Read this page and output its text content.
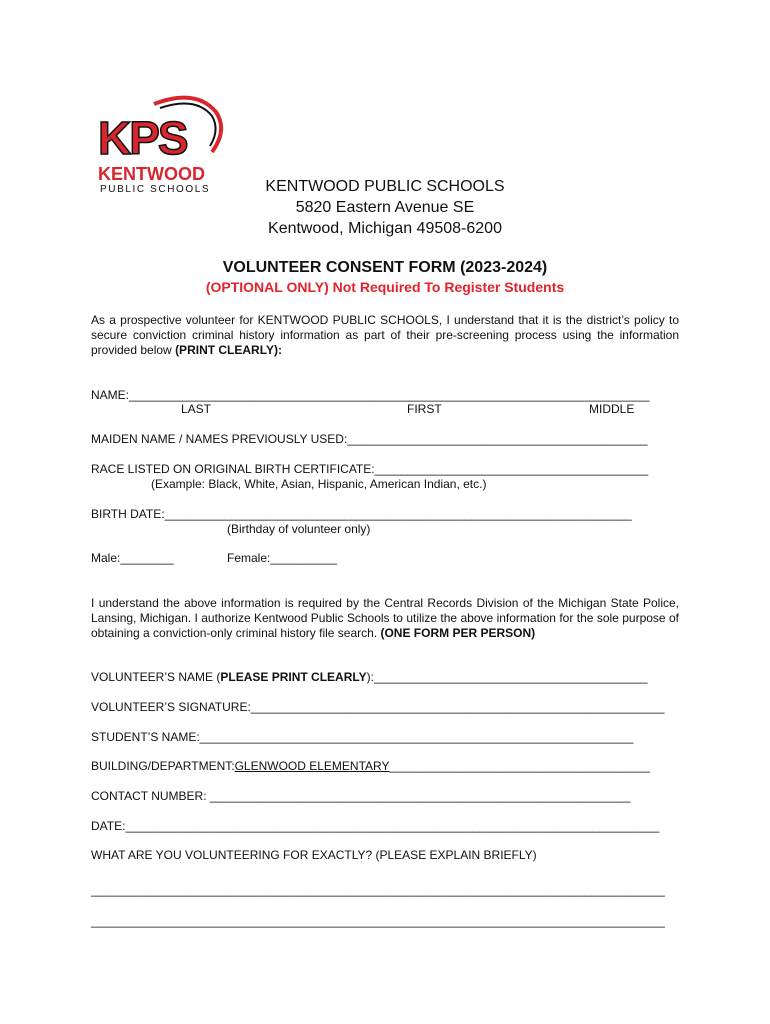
KPS
KENTWOOD
PUBLIC SCHOOLS	KENTWOOD PUBLIC SCHOOLS
5820 Eastern Avenue SE
Kentwood, Michigan 49508-6200
VOLUNTEER CONSENT FORM (2023-2024)
(OPTIONAL ONLY) Not Required To Register Students
As a prospective volunteer for KENTWOOD PUBLIC SCHOOLS, I understand that it is the district’s policy to secure conviction criminal history information as part of their pre-screening process using the information provided below (PRINT CLEARLY):
NAME:______________________________________________________________________________
LAST	FIRST	MIDDLE
MAIDEN NAME / NAMES PREVIOUSLY USED:_____________________________________________
RACE LISTED ON ORIGINAL BIRTH CERTIFICATE:_________________________________________
(Example: Black, White, Asian, Hispanic, American Indian, etc.)
BIRTH DATE:______________________________________________________________________
(Birthday of volunteer only)
Male:________	Female:__________
I understand the above information is required by the Central Records Division of the Michigan State Police, Lansing, Michigan. I authorize Kentwood Public Schools to utilize the above information for the sole purpose of obtaining a conviction-only criminal history file search. (ONE FORM PER PERSON)
VOLUNTEER’S NAME (PLEASE PRINT CLEARLY):_________________________________________
VOLUNTEER’S SIGNATURE:______________________________________________________________
STUDENT’S NAME:_________________________________________________________________
BUILDING/DEPARTMENT:GLENWOOD ELEMENTARY_______________________________________
CONTACT NUMBER: _______________________________________________________________
DATE:________________________________________________________________________________
WHAT ARE YOU VOLUNTEERING FOR EXACTLY? (PLEASE EXPLAIN BRIEFLY)
______________________________________________________________________________________
______________________________________________________________________________________
